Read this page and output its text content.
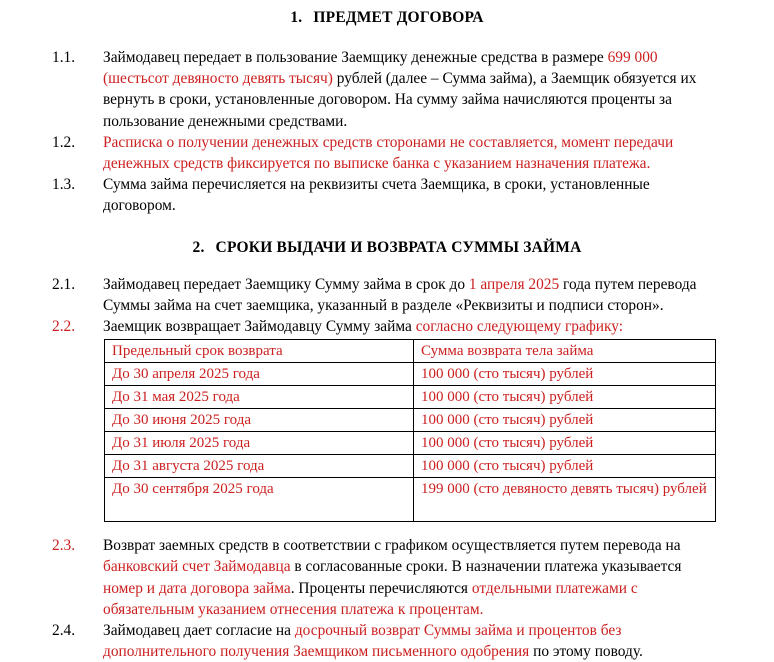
1. ПРЕДМЕТ ДОГОВОРА
1.1.	Займодавец передает в пользование Заемщику денежные средства в размере 699 000 (шестьсот девяносто девять тысяч) рублей (далее – Сумма займа), а Заемщик обязуется их вернуть в сроки, установленные договором. На сумму займа начисляются проценты за пользование денежными средствами.
1.2.	Расписка о получении денежных средств сторонами не составляется, момент передачи денежных средств фиксируется по выписке банка с указанием назначения платежа.
1.3.	Сумма займа перечисляется на реквизиты счета Заемщика, в сроки, установленные договором.
2. СРОКИ ВЫДАЧИ И ВОЗВРАТА СУММЫ ЗАЙМА
2.1.	Займодавец передает Заемщику Сумму займа в срок до 1 апреля 2025 года путем перевода Суммы займа на счет заемщика, указанный в разделе «Реквизиты и подписи сторон».
2.2.	Заемщик возвращает Займодавцу Сумму займа согласно следующему графику:
Предельный срок возврата	Сумма возврата тела займа
До 30 апреля 2025 года	100 000 (сто тысяч) рублей
До 31 мая 2025 года	100 000 (сто тысяч) рублей
До 30 июня 2025 года	100 000 (сто тысяч) рублей
До 31 июля 2025 года	100 000 (сто тысяч) рублей
До 31 августа 2025 года	100 000 (сто тысяч) рублей
До 30 сентября 2025 года	199 000 (сто девяносто девять тысяч) рублей
2.3.	Возврат заемных средств в соответствии с графиком осуществляется путем перевода на банковский счет Займодавца в согласованные сроки. В назначении платежа указывается номер и дата договора займа. Проценты перечисляются отдельными платежами с обязательным указанием отнесения платежа к процентам.
2.4.	Займодавец дает согласие на досрочный возврат Суммы займа и процентов без дополнительного получения Заемщиком письменного одобрения по этому поводу.
